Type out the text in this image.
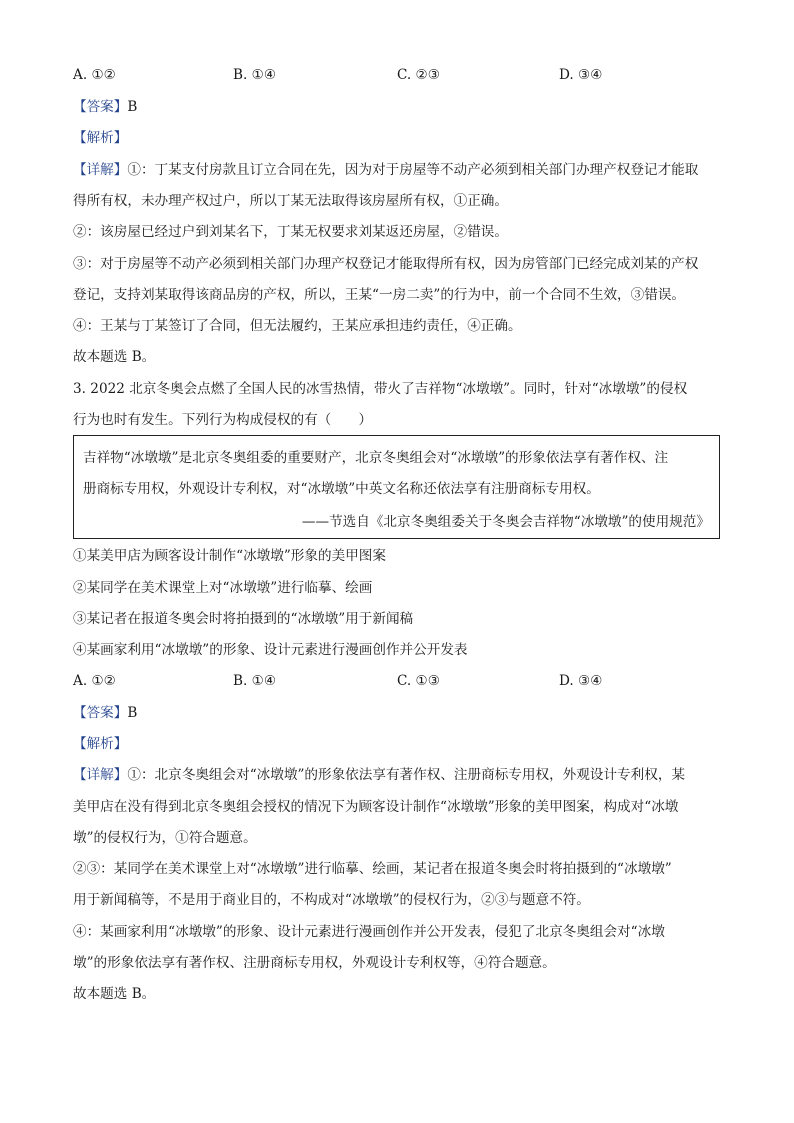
A. ①②	B. ①④	C. ②③	D. ③④
【答案】B
【解析】
【详解】①：丁某支付房款且订立合同在先，因为对于房屋等不动产必须到相关部门办理产权登记才能取
得所有权，未办理产权过户，所以丁某无法取得该房屋所有权，①正确。
②：该房屋已经过户到刘某名下，丁某无权要求刘某返还房屋，②错误。
③：对于房屋等不动产必须到相关部门办理产权登记才能取得所有权，因为房管部门已经完成刘某的产权
登记，支持刘某取得该商品房的产权，所以，王某“一房二卖”的行为中，前一个合同不生效，③错误。
④：王某与丁某签订了合同，但无法履约，王某应承担违约责任，④正确。
故本题选 B。
3. 2022 北京冬奥会点燃了全国人民的冰雪热情，带火了吉祥物“冰墩墩”。同时，针对“冰墩墩”的侵权
行为也时有发生。下列行为构成侵权的有（　　）
吉祥物“冰墩墩”是北京冬奥组委的重要财产，北京冬奥组会对“冰墩墩”的形象依法享有著作权、注
册商标专用权，外观设计专利权，对“冰墩墩”中英文名称还依法享有注册商标专用权。
——节选自《北京冬奥组委关于冬奥会吉祥物“冰墩墩”的使用规范》
①某美甲店为顾客设计制作“冰墩墩”形象的美甲图案
②某同学在美术课堂上对“冰墩墩”进行临摹、绘画
③某记者在报道冬奥会时将拍摄到的“冰墩墩”用于新闻稿
④某画家利用“冰墩墩”的形象、设计元素进行漫画创作并公开发表
A. ①②	B. ①④	C. ①③	D. ③④
【答案】B
【解析】
【详解】①：北京冬奥组会对“冰墩墩”的形象依法享有著作权、注册商标专用权，外观设计专利权，某
美甲店在没有得到北京冬奥组会授权的情况下为顾客设计制作“冰墩墩”形象的美甲图案，构成对“冰墩
墩”的侵权行为，①符合题意。
②③：某同学在美术课堂上对“冰墩墩”进行临摹、绘画，某记者在报道冬奥会时将拍摄到的“冰墩墩”
用于新闻稿等，不是用于商业目的，不构成对“冰墩墩”的侵权行为，②③与题意不符。
④：某画家利用“冰墩墩”的形象、设计元素进行漫画创作并公开发表，侵犯了北京冬奥组会对“冰墩
墩”的形象依法享有著作权、注册商标专用权，外观设计专利权等，④符合题意。
故本题选 B。
